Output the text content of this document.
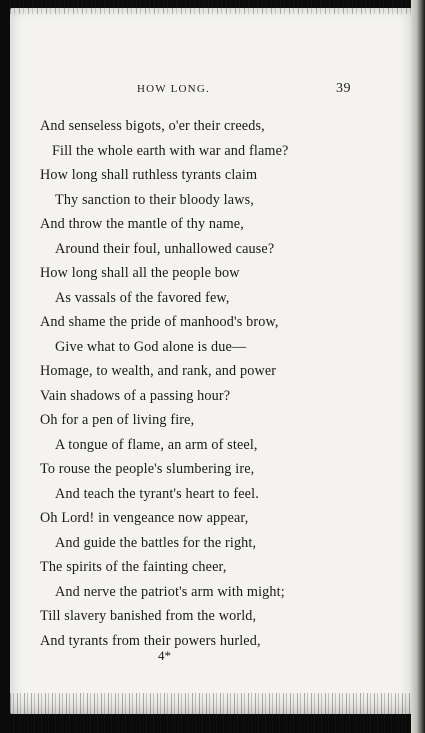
HOW LONG.	39
And senseless bigots, o'er their creeds,
Fill the whole earth with war and flame?
How long shall ruthless tyrants claim
Thy sanction to their bloody laws,
And throw the mantle of thy name,
Around their foul, unhallowed cause?
How long shall all the people bow
As vassals of the favored few,
And shame the pride of manhood's brow,
Give what to God alone is due—
Homage, to wealth, and rank, and power
Vain shadows of a passing hour?
Oh for a pen of living fire,
A tongue of flame, an arm of steel,
To rouse the people's slumbering ire,
And teach the tyrant's heart to feel.
Oh Lord! in vengeance now appear,
And guide the battles for the right,
The spirits of the fainting cheer,
And nerve the patriot's arm with might;
Till slavery banished from the world,
And tyrants from their powers hurled,
4*
